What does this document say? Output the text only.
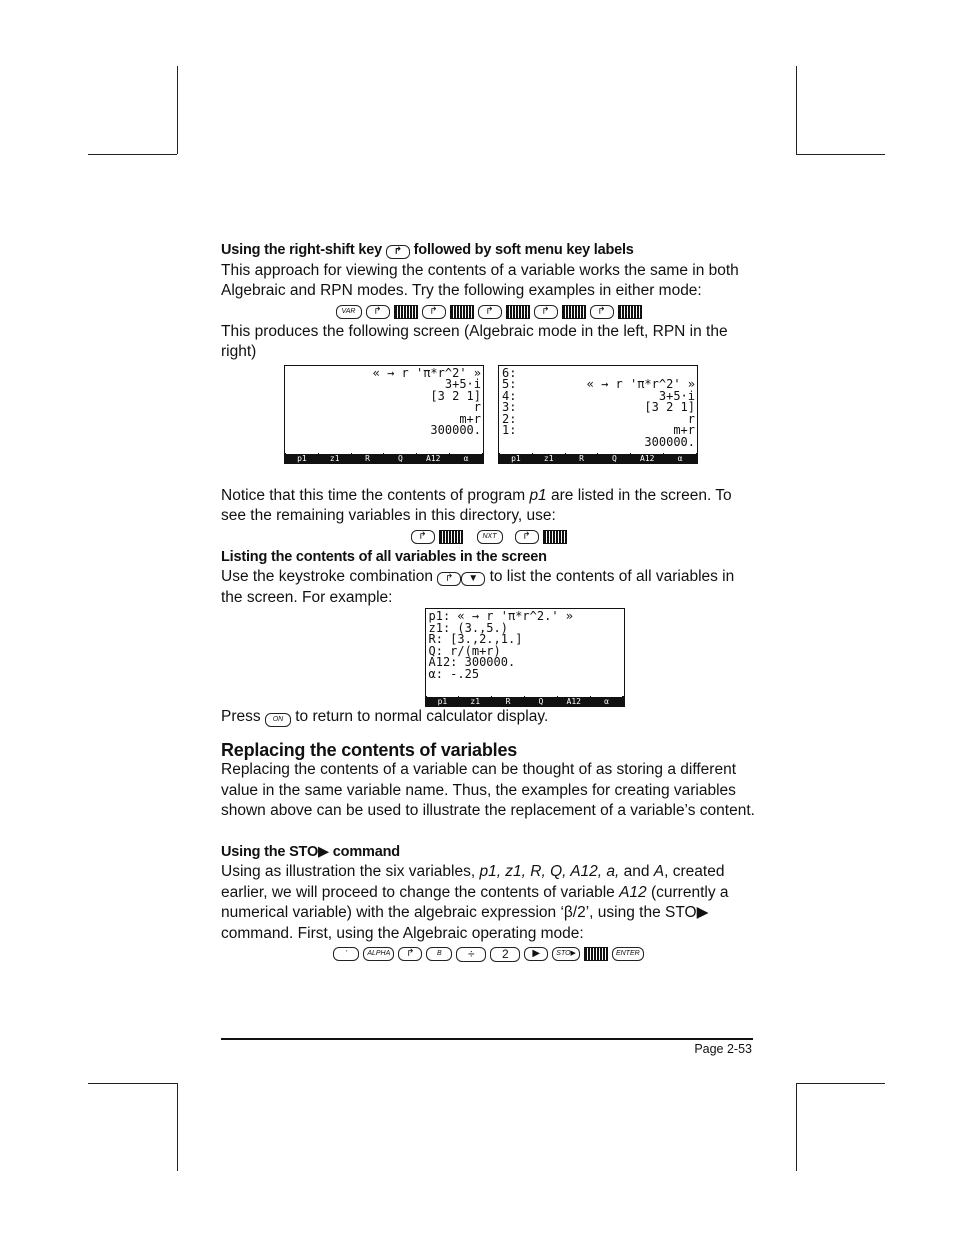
Using the right-shift key ↱ followed by soft menu key labels

This approach for viewing the contents of a variable works the same in both Algebraic and RPN modes. Try the following examples in either mode:

VAR	↱	↱	↱	↱	↱

This produces the following screen (Algebraic mode in the left, RPN in the right)

« → r 'π*r^2' »
3+5·i
[3 2 1]
r
m+r
300000.
p1	z1	R	Q	A12	α
6:
5:
4:
3:
2:
1:
« → r 'π*r^2' »
3+5·i
[3 2 1]
r
m+r
300000.
p1	z1	R	Q	A12	α

Notice that this time the contents of program p1 are listed in the screen. To see the remaining variables in this directory, use:

↱	NXT	↱

Listing the contents of all variables in the screen

Use the keystroke combination ↱ ▼ to list the contents of all variables in the screen. For example:

p1: « → r 'π*r^2.' »
z1: (3.,5.)
R: [3.,2.,1.]
Q: r/(m+r)
A12: 300000.
α: -.25
p1	z1	R	Q	A12	α

Press ON to return to normal calculator display.

Replacing the contents of variables

Replacing the contents of a variable can be thought of as storing a different value in the same variable name. Thus, the examples for creating variables shown above can be used to illustrate the replacement of a variable’s content.

Using the STO▶ command

Using as illustration the six variables, p1, z1, R, Q, A12, a, and A, created earlier, we will proceed to change the contents of variable A12 (currently a numerical variable) with the algebraic expression ‘β/2’, using the STO▶ command. First, using the Algebraic operating mode:

'	ALPHA	↱	B	÷	2	▶	STO▶	ENTER
Page 2-53
